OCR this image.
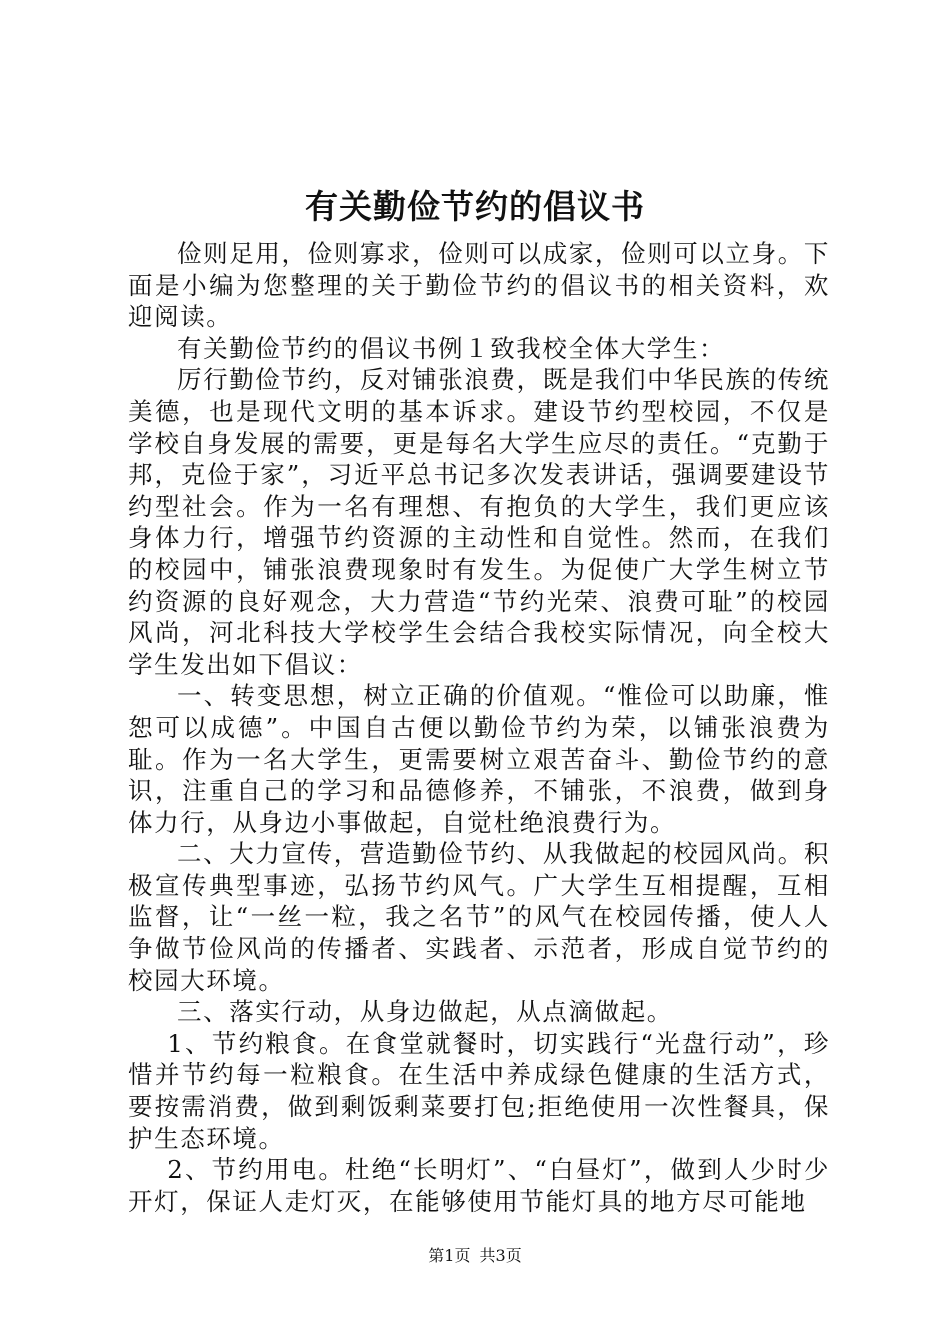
有关勤俭节约的倡议书

俭则足用，俭则寡求，俭则可以成家，俭则可以立身。下面是小编为您整理的关于勤俭节约的倡议书的相关资料，欢迎阅读。

有关勤俭节约的倡议书例１致我校全体大学生：

厉行勤俭节约，反对铺张浪费，既是我们中华民族的传统美德，也是现代文明的基本诉求。建设节约型校园，不仅是学校自身发展的需要，更是每名大学生应尽的责任。“克勤于邦，克俭于家”，习近平总书记多次发表讲话，强调要建设节约型社会。作为一名有理想、有抱负的大学生，我们更应该身体力行，增强节约资源的主动性和自觉性。然而，在我们的校园中，铺张浪费现象时有发生。为促使广大学生树立节约资源的良好观念，大力营造“节约光荣、浪费可耻”的校园风尚，河北科技大学校学生会结合我校实际情况，向全校大学生发出如下倡议：

一、转变思想，树立正确的价值观。“惟俭可以助廉，惟恕可以成德”。中国自古便以勤俭节约为荣，以铺张浪费为耻。作为一名大学生，更需要树立艰苦奋斗、勤俭节约的意识，注重自己的学习和品德修养，不铺张，不浪费，做到身体力行，从身边小事做起，自觉杜绝浪费行为。

二、大力宣传，营造勤俭节约、从我做起的校园风尚。积极宣传典型事迹，弘扬节约风气。广大学生互相提醒，互相监督，让“一丝一粒，我之名节”的风气在校园传播，使人人争做节俭风尚的传播者、实践者、示范者，形成自觉节约的校园大环境。

三、落实行动，从身边做起，从点滴做起。

1、节约粮食。在食堂就餐时，切实践行“光盘行动”，珍惜并节约每一粒粮食。在生活中养成绿色健康的生活方式，要按需消费，做到剩饭剩菜要打包;拒绝使用一次性餐具，保护生态环境。

2、节约用电。杜绝“长明灯”、“白昼灯”，做到人少时少开灯，保证人走灯灭，在能够使用节能灯具的地方尽可能地

第1页 共3页
